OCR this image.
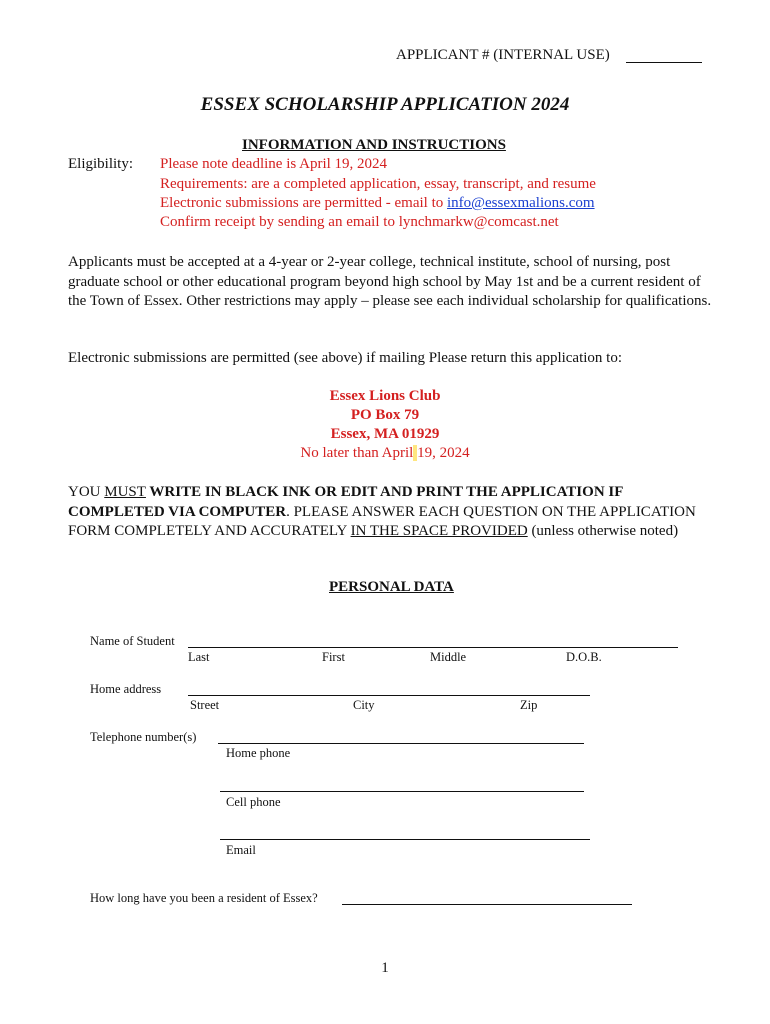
APPLICANT # (INTERNAL USE)
ESSEX SCHOLARSHIP APPLICATION 2024
INFORMATION AND INSTRUCTIONS
Eligibility: Please note deadline is April 19, 2024
Requirements: are a completed application, essay, transcript, and resume
Electronic submissions are permitted - email to info@essexmalions.com
Confirm receipt by sending an email to lynchmarkw@comcast.net
Applicants must be accepted at a 4-year or 2-year college, technical institute, school of nursing, post graduate school or other educational program beyond high school by May 1st and be a current resident of the Town of Essex. Other restrictions may apply – please see each individual scholarship for qualifications.
Electronic submissions are permitted (see above) if mailing Please return this application to:
Essex Lions Club
PO Box 79
Essex, MA 01929
No later than April 19, 2024
YOU MUST WRITE IN BLACK INK OR EDIT AND PRINT THE APPLICATION IF COMPLETED VIA COMPUTER. PLEASE ANSWER EACH QUESTION ON THE APPLICATION FORM COMPLETELY AND ACCURATELY IN THE SPACE PROVIDED (unless otherwise noted)
PERSONAL DATA
Name of Student
Last	First	Middle	D.O.B.
Home address
Street	City	Zip
Telephone number(s)
Home phone
Cell phone
Email
How long have you been a resident of Essex?
1
